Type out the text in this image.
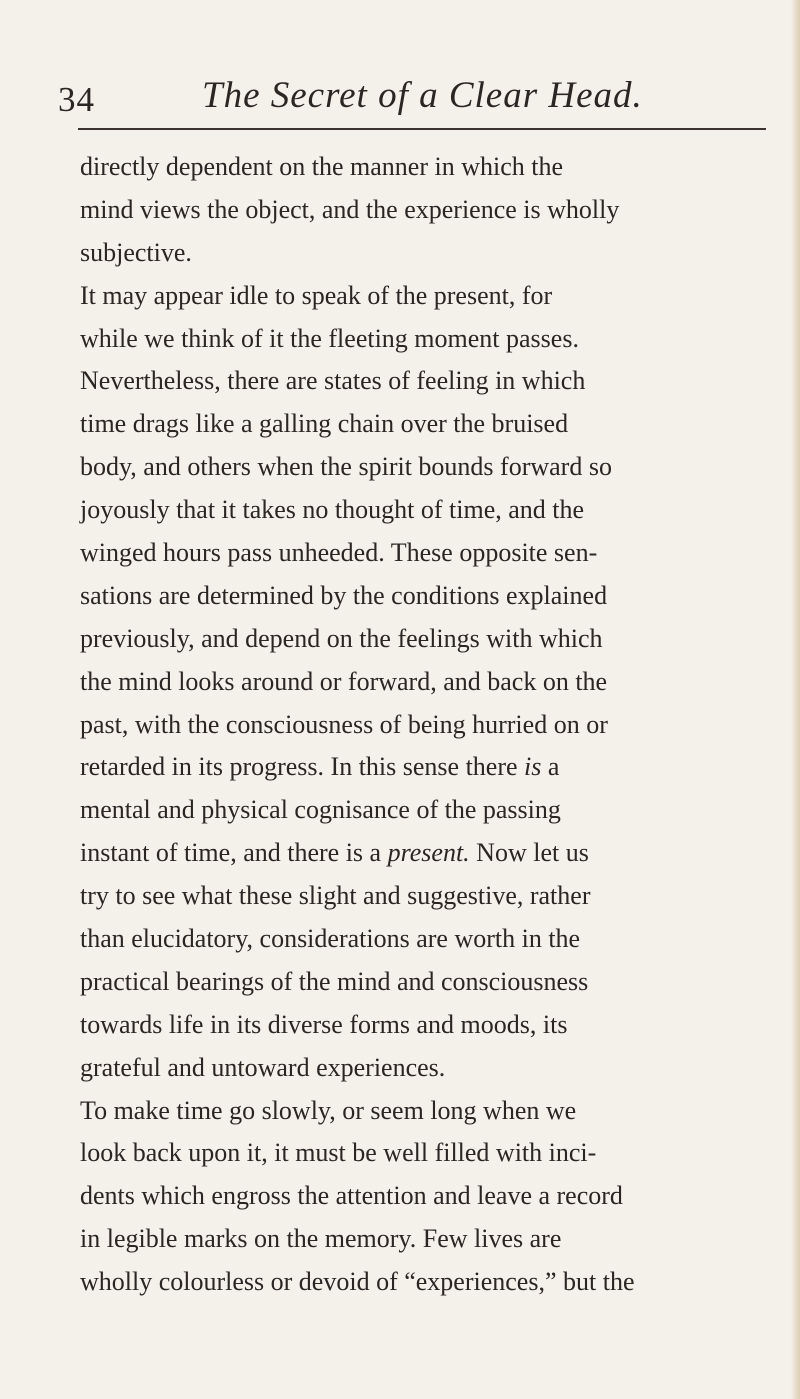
34	The Secret of a Clear Head.
directly dependent on the manner in which the
mind views the object, and the experience is wholly
subjective.
It may appear idle to speak of the present, for
while we think of it the fleeting moment passes.
Nevertheless, there are states of feeling in which
time drags like a galling chain over the bruised
body, and others when the spirit bounds forward so
joyously that it takes no thought of time, and the
winged hours pass unheeded. These opposite sen-
sations are determined by the conditions explained
previously, and depend on the feelings with which
the mind looks around or forward, and back on the
past, with the consciousness of being hurried on or
retarded in its progress. In this sense there is a
mental and physical cognisance of the passing
instant of time, and there is a present. Now let us
try to see what these slight and suggestive, rather
than elucidatory, considerations are worth in the
practical bearings of the mind and consciousness
towards life in its diverse forms and moods, its
grateful and untoward experiences.
To make time go slowly, or seem long when we
look back upon it, it must be well filled with inci-
dents which engross the attention and leave a record
in legible marks on the memory. Few lives are
wholly colourless or devoid of “experiences,” but the
